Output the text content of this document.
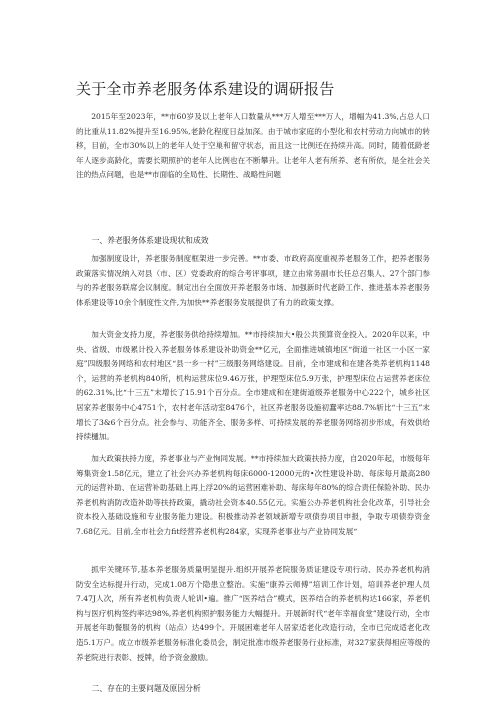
关于全市养老服务体系建设的调研报告

2015年至2023年，**市60岁及以上老年人口数量从***万人增至***万人，增幅为41.3%,占总人口的比重从11.82%提升至16.95%,老龄化程度日益加深。由于城市家庭的小型化和农村劳动力向城市的转移，目前，全市30%以上的老年人处于空巢和留守状态，而且这一比例还在持续升高。同时，随着低龄老年人逐步高龄化，需要长期照护的老年人比例也在不断攀升。让老年人老有所养、老有所依，是全社会关注的热点问题，也是**市面临的全局性、长期性、战略性问题

一、养老服务体系建设现状和成效

加强制度设计，养老服务制度框架进一步完善。**市委、市政府高度重视养老服务工作，把养老服务政策落实情况纳入对县（市、区）党委政府的综合考评事项，建立由常务副市长任总召集人、27个部门参与的养老服务联席会议制度。制定出台全面放开养老服务市场、加强新时代老龄工作、推进基本养老服务体系建设等10余个制度性文件,为加快**养老服务发展提供了有力的政策支撑。

加大资金支持力度，养老服务供给持续增加。**市持续加大•般公共预算资金投入。2020年以来，中央、省级、市级累计投入养老服务体系建设补助资金**亿元，全面推进城镇地区“街道一社区一小区一家庭”四级服务网络和农村地区“县一乡一村”三级服务网络建设。目前，全市建成和在建各类养老机构1148个，运营的养老机构840所，机构运营床位9.46万张，护理型床位5.9万张，护理型床位占运营养老床位的62.31%,比“十三五”末增长了15.91个百分点。全市建成和在建街道级养老服务中心222个，城乡社区居家养老服务中心4751个，农村老年活动室8476个，社区养老服务设施初蠢率达88.7%斩比“十三五”末增长了3&6个百分点。社会参与、功能齐全、服务多样、可持续发展的养老服务网络初步形成，有效供给持续樋加。

加大政策扶持力度，养老事业与产业恂同发展。**市持续加大政策扶持力度，自2020年起，市级每年筹集资金1.58亿元，建立了社会兴办养老机构每床6000-12000元的•次性建设补助、每床每月最高280元的运营补助、在运营补助基础上再上浮20%的运营困难补助、每床每年80%的综合责任保险补助、民办养老机构消防改造补助等扶持政策，撬动社会资本40.55亿元。实施公办养老机构社会化改革，引导社会资本投入基础设施和专业服务能力建设。积极推动养老领域新增专项债券项目申报，争取专项债券资金7.68亿元。目前,全市社会力fit经营养老机构284家，实现养老事业与产业协同发展“

抓牢关键环节,基本养老服务质量明显提升.组织开展养老院服务质证建设专项行动、民办养老机构消防安全达标提升行动，完成1.08万个隐患立整治。实施“康养云师傅”培训工作计划，培训养老护理人员7.47J人次，所有养老机构负责人轮训•遍。推广“医养结合”模式，医养结合的养老机构达166家，养老机构与医疗机构签约率达98%,养老机构照护服务能力大幅提升。开展新时代“老年幸福食堂”建设行动，全市开展老年助餐服务的机构（站点）达499个。开展困难老年人居家适老化改造行动，全市已完成适老化改造5.1万户。成立市级养老服务标准化委员会，制定批准市级养老服务行业标准，对327家获得相应等级的养老院进行表彰、授牌，给予资金激励。

二、存在的主要问题及原因分析
